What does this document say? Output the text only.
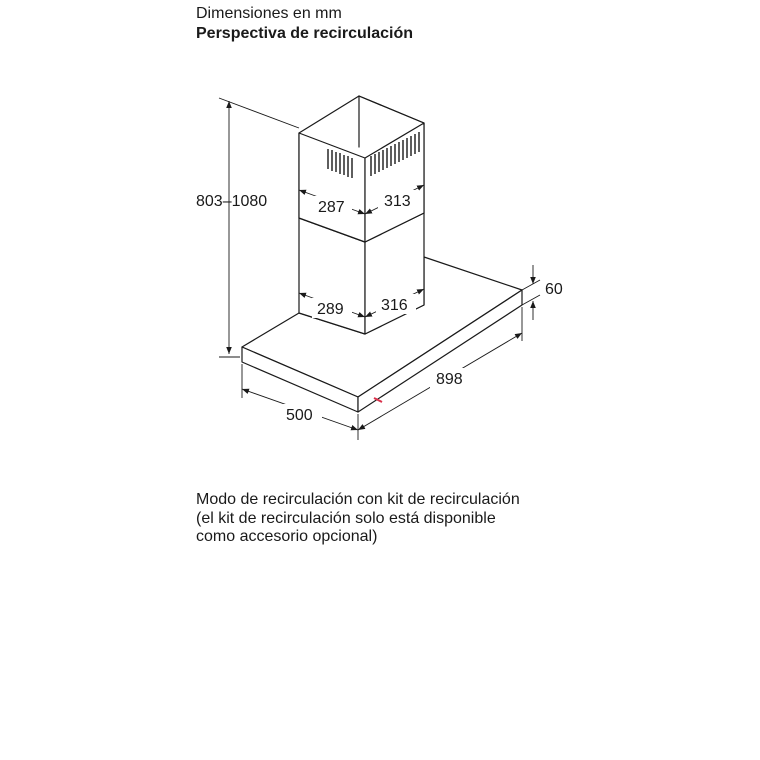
Dimensiones en mm

Perspectiva de recirculación

803–1080	287 313
289 316
60
898
500

Modo de recirculación con kit de recirculación

(el kit de recirculación solo está disponible

como accesorio opcional)
